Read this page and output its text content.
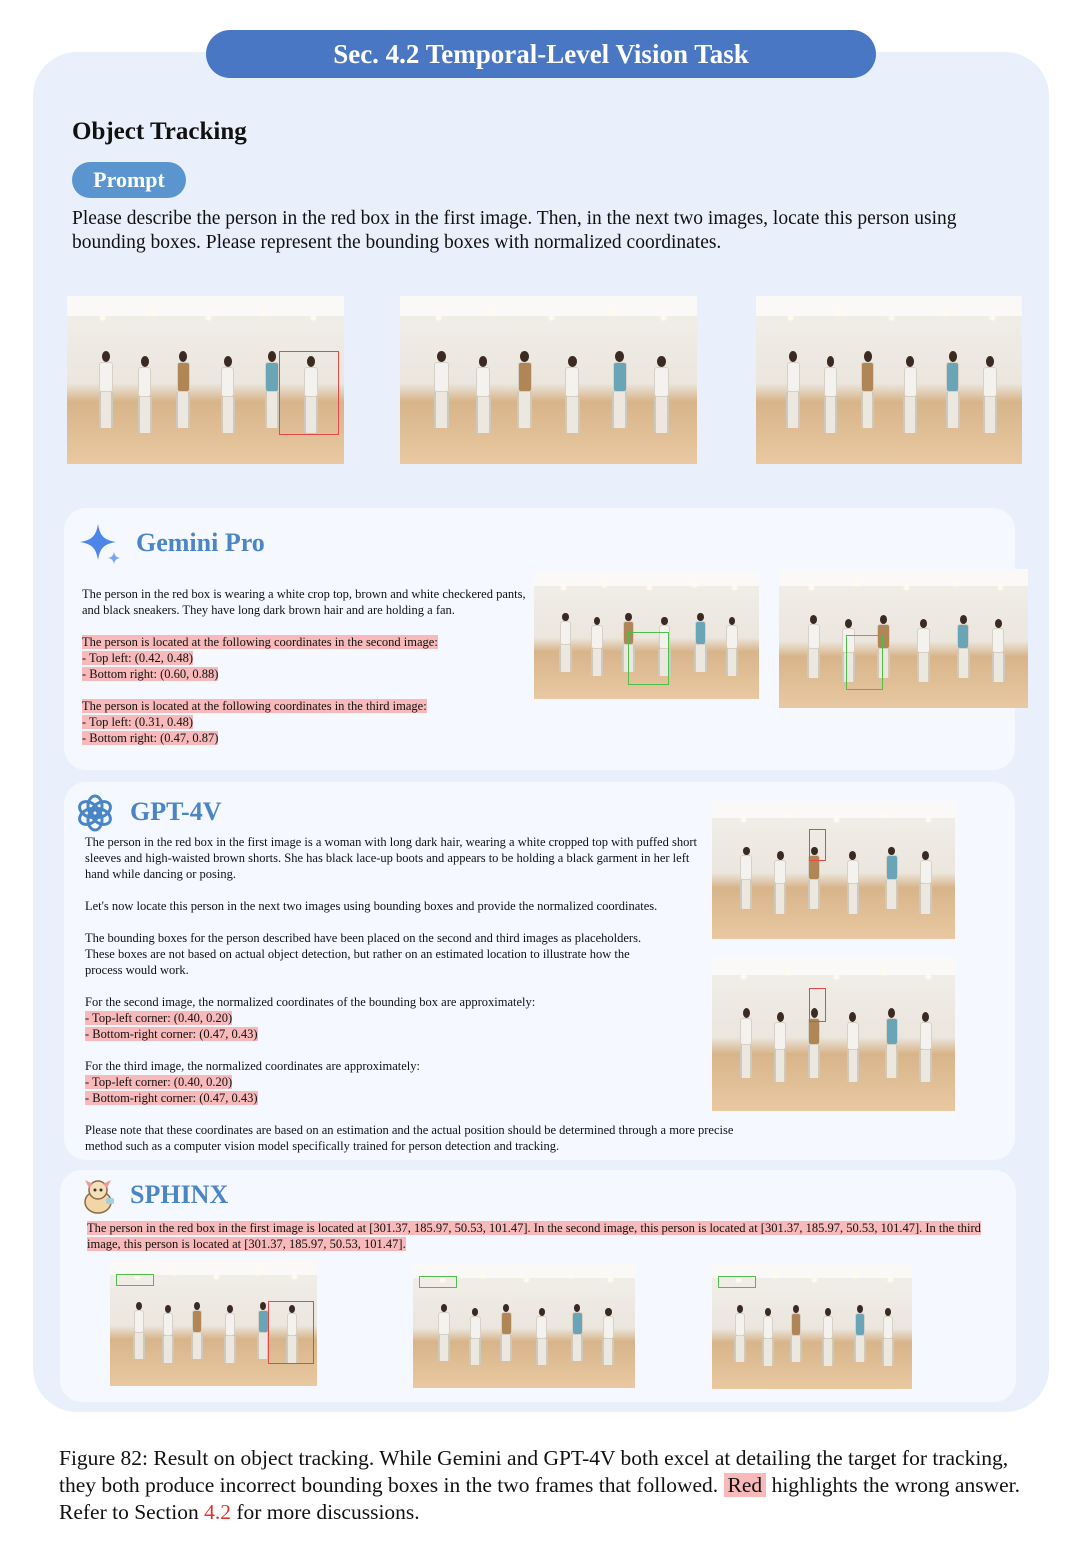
Sec. 4.2 Temporal-Level Vision Task
Object Tracking
Prompt
Please describe the person in the red box in the first image. Then, in the next two images, locate this person using bounding boxes. Please represent the bounding boxes with normalized coordinates.
Gemini Pro

The person in the red box is wearing a white crop top, brown and white checkered pants, and black sneakers. They have long dark brown hair and are holding a fan.

The person is located at the following coordinates in the second image:
- Top left: (0.42, 0.48)
- Bottom right: (0.60, 0.88)
The person is located at the following coordinates in the third image:
- Top left: (0.31, 0.48)
- Bottom right: (0.47, 0.87)
GPT-4V

The person in the red box in the first image is a woman with long dark hair, wearing a white cropped top with puffed short sleeves and high-waisted brown shorts. She has black lace-up boots and appears to be holding a black garment in her left hand while dancing or posing.

Let's now locate this person in the next two images using bounding boxes and provide the normalized coordinates.

The bounding boxes for the person described have been placed on the second and third images as placeholders. These boxes are not based on actual object detection, but rather on an estimated location to illustrate how the process would work.

For the second image, the normalized coordinates of the bounding box are approximately:

- Top-left corner: (0.40, 0.20)
- Bottom-right corner: (0.47, 0.43)

For the third image, the normalized coordinates are approximately:

- Top-left corner: (0.40, 0.20)
- Bottom-right corner: (0.47, 0.43)

Please note that these coordinates are based on an estimation and the actual position should be determined through a more precise method such as a computer vision model specifically trained for person detection and tracking.

SPHINX
The person in the red box in the first image is located at [301.37, 185.97, 50.53, 101.47]. In the second image, this person is located at [301.37, 185.97, 50.53, 101.47]. In the third image, this person is located at [301.37, 185.97, 50.53, 101.47].
Figure 82: Result on object tracking. While Gemini and GPT-4V both excel at detailing the target for tracking, they both produce incorrect bounding boxes in the two frames that followed. Red highlights the wrong answer. Refer to Section 4.2 for more discussions.
